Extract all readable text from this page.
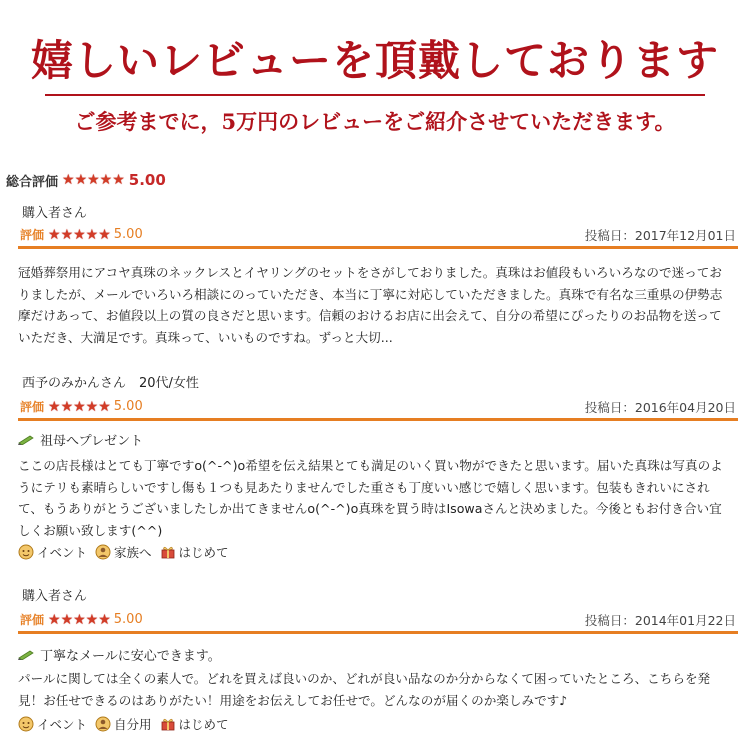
嬉しいレビューを頂戴しております
ご参考までに，5万円のレビューをご紹介させていただきます。
総合評価 ★★★★★ 5.00
購入者さん
評価 ★★★★★ 5.00	投稿日：2017年12月01日
冠婚葬祭用にアコヤ真珠のネックレスとイヤリングのセットをさがしておりました。真珠はお値段もいろいろなので迷っておりましたが、メールでいろいろ相談にのっていただき、本当に丁寧に対応していただきました。真珠で有名な三重県の伊勢志摩だけあって、お値段以上の質の良さだと思います。信頼のおけるお店に出会えて、自分の希望にぴったりのお品物を送っていただき、大満足です。真珠って、いいものですね。ずっと大切...
西予のみかんさん　20代/女性
評価 ★★★★★ 5.00	投稿日：2016年04月20日
祖母へプレゼント
ここの店長様はとても丁寧ですo(^-^)o希望を伝え結果とても満足のいく買い物ができたと思います。届いた真珠は写真のようにテリも素晴らしいですし傷も１つも見あたりませんでした重さも丁度いい感じで嬉しく思います。包装もきれいにされて、もうありがとうございましたしか出てきませんo(^-^)o真珠を買う時はIsowaさんと決めました。今後ともお付き合い宜しくお願い致します(^^)
イベント 家族へ はじめて
購入者さん
評価 ★★★★★ 5.00	投稿日：2014年01月22日
丁寧なメールに安心できます。
パールに関しては全くの素人で。どれを買えば良いのか、どれが良い品なのか分からなくて困っていたところ、こちらを発見！お任せできるのはありがたい！用途をお伝えしてお任せで。どんなのが届くのか楽しみです♪
イベント 自分用 はじめて
